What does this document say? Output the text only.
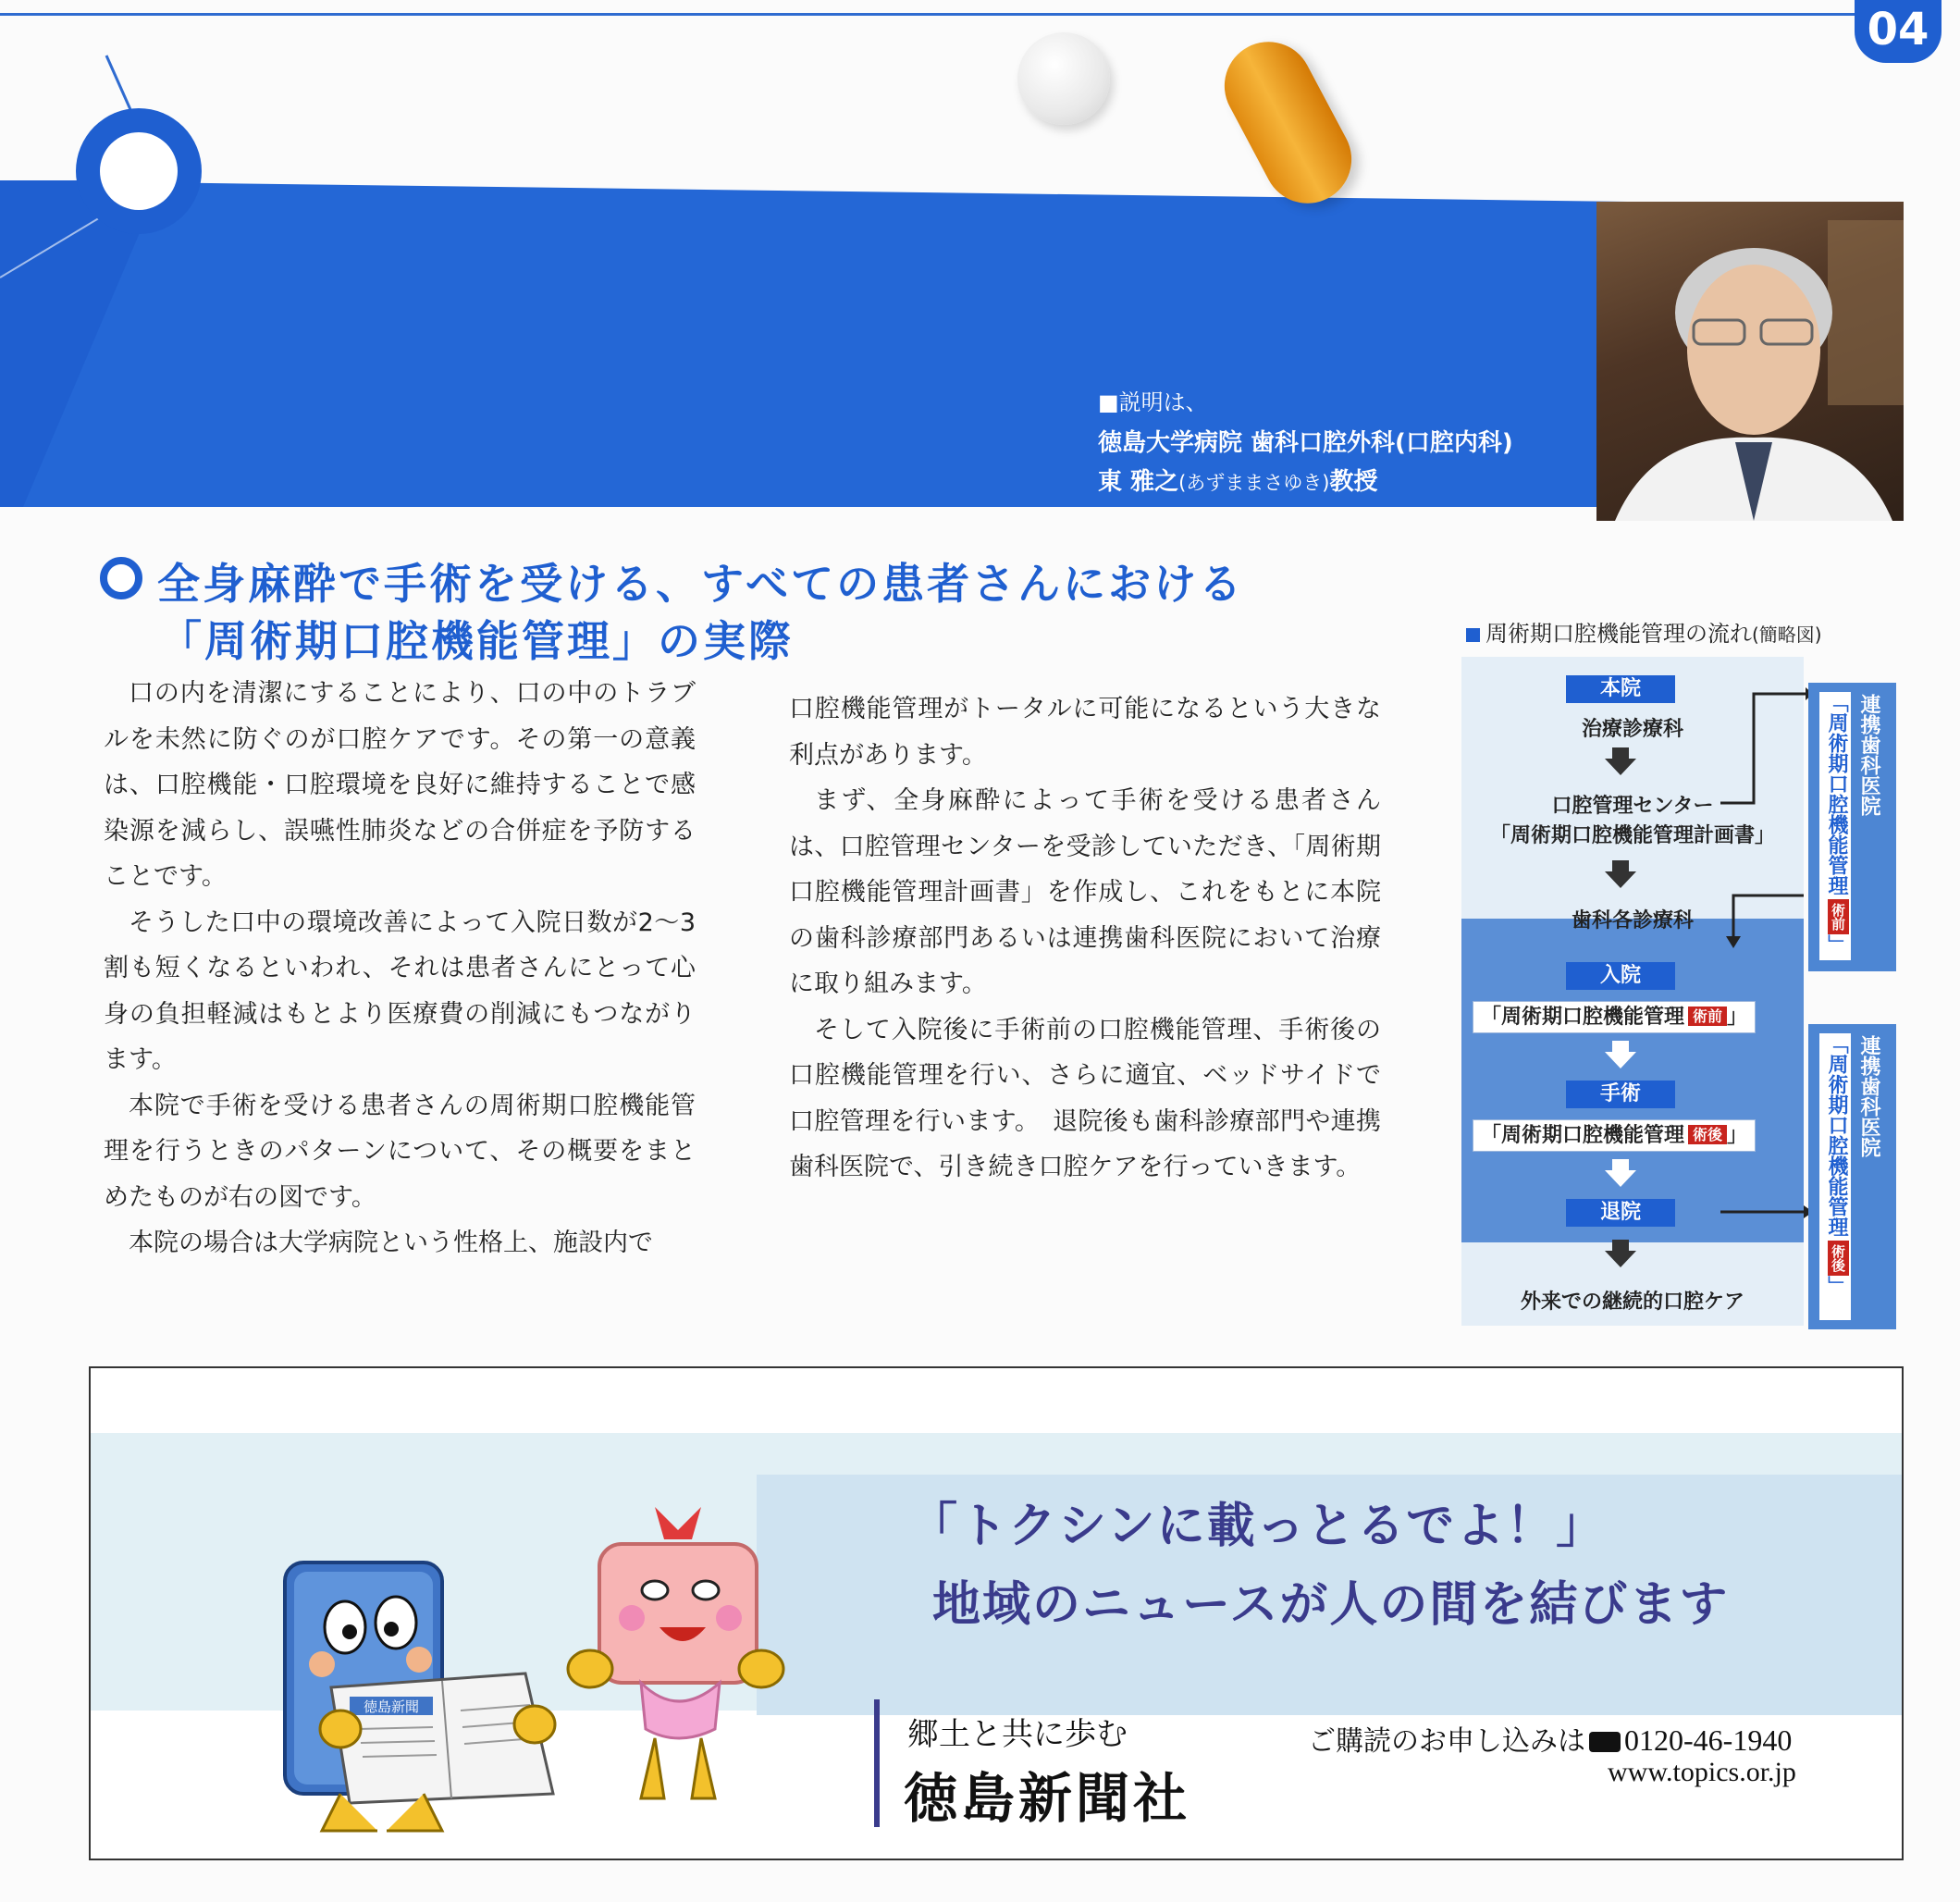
04
■説明は、
徳島大学病院 歯科口腔外科(口腔内科)
東 雅之(あずままさゆき)教授
全身麻酔で手術を受ける、すべての患者さんにおける
「周術期口腔機能管理」の実際

口の内を清潔にすることにより、口の中のトラブルを未然に防ぐのが口腔ケアです。その第一の意義は、口腔機能・口腔環境を良好に維持することで感染源を減らし、誤嚥性肺炎などの合併症を予防することです。

そうした口中の環境改善によって入院日数が2〜3割も短くなるといわれ、それは患者さんにとって心身の負担軽減はもとより医療費の削減にもつながります。

本院で手術を受ける患者さんの周術期口腔機能管理を行うときのパターンについて、その概要をまとめたものが右の図です。

本院の場合は大学病院という性格上、施設内で

口腔機能管理がトータルに可能になるという大きな利点があります。

まず、全身麻酔によって手術を受ける患者さんは、口腔管理センターを受診していただき、「周術期口腔機能管理計画書」を作成し、これをもとに本院の歯科診療部門あるいは連携歯科医院において治療に取り組みます。

そして入院後に手術前の口腔機能管理、手術後の口腔機能管理を行い、さらに適宜、ベッドサイドで口腔管理を行います。　退院後も歯科診療部門や連携歯科医院で、引き続き口腔ケアを行っていきます。

周術期口腔機能管理の流れ(簡略図)
本院
治療診療科
口腔管理センター
「周術期口腔機能管理計画書」
歯科各診療科
入院
「周術期口腔機能管理 術前 」
手術
「周術期口腔機能管理 術後 」
退院
外来での継続的口腔ケア
連携歯科医院
「周術期口腔機能管理術前」
連携歯科医院
「周術期口腔機能管理術後」
「トクシンに載っとるでよ！」
地域のニュースが人の間を結びます
徳島新聞
郷土と共に歩む
徳島新聞社
ご購読のお申し込みは 0120-46-1940
www.topics.or.jp
